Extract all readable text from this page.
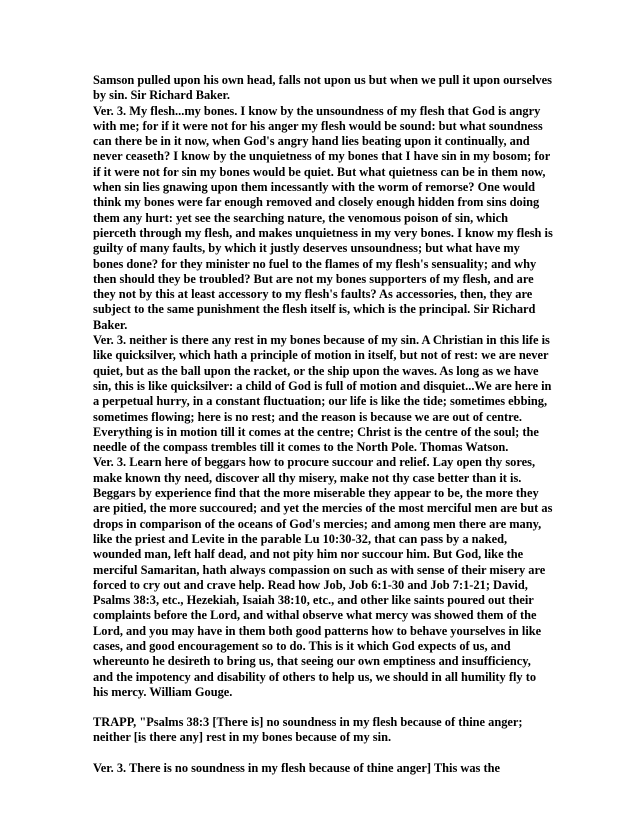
Samson pulled upon his own head, falls not upon us but when we pull it upon ourselves by sin. Sir Richard Baker.

Ver. 3. My flesh...my bones. I know by the unsoundness of my flesh that God is angry with me; for if it were not for his anger my flesh would be sound: but what soundness can there be in it now, when God's angry hand lies beating upon it continually, and never ceaseth? I know by the unquietness of my bones that I have sin in my bosom; for if it were not for sin my bones would be quiet. But what quietness can be in them now, when sin lies gnawing upon them incessantly with the worm of remorse? One would think my bones were far enough removed and closely enough hidden from sins doing them any hurt: yet see the searching nature, the venomous poison of sin, which pierceth through my flesh, and makes unquietness in my very bones. I know my flesh is guilty of many faults, by which it justly deserves unsoundness; but what have my bones done? for they minister no fuel to the flames of my flesh's sensuality; and why then should they be troubled? But are not my bones supporters of my flesh, and are they not by this at least accessory to my flesh's faults? As accessories, then, they are subject to the same punishment the flesh itself is, which is the principal. Sir Richard Baker.

Ver. 3. neither is there any rest in my bones because of my sin. A Christian in this life is like quicksilver, which hath a principle of motion in itself, but not of rest: we are never quiet, but as the ball upon the racket, or the ship upon the waves. As long as we have sin, this is like quicksilver: a child of God is full of motion and disquiet...We are here in a perpetual hurry, in a constant fluctuation; our life is like the tide; sometimes ebbing, sometimes flowing; here is no rest; and the reason is because we are out of centre. Everything is in motion till it comes at the centre; Christ is the centre of the soul; the needle of the compass trembles till it comes to the North Pole. Thomas Watson.

Ver. 3. Learn here of beggars how to procure succour and relief. Lay open thy sores, make known thy need, discover all thy misery, make not thy case better than it is. Beggars by experience find that the more miserable they appear to be, the more they are pitied, the more succoured; and yet the mercies of the most merciful men are but as drops in comparison of the oceans of God's mercies; and among men there are many, like the priest and Levite in the parable Lu 10:30-32, that can pass by a naked, wounded man, left half dead, and not pity him nor succour him. But God, like the merciful Samaritan, hath always compassion on such as with sense of their misery are forced to cry out and crave help. Read how Job, Job 6:1-30 and Job 7:1-21; David, Psalms 38:3, etc., Hezekiah, Isaiah 38:10, etc., and other like saints poured out their complaints before the Lord, and withal observe what mercy was showed them of the Lord, and you may have in them both good patterns how to behave yourselves in like cases, and good encouragement so to do. This is it which God expects of us, and whereunto he desireth to bring us, that seeing our own emptiness and insufficiency, and the impotency and disability of others to help us, we should in all humility fly to his mercy. William Gouge.

TRAPP, "Psalms 38:3 [There is] no soundness in my flesh because of thine anger; neither [is there any] rest in my bones because of my sin.

Ver. 3. There is no soundness in my flesh because of thine anger] This was the
